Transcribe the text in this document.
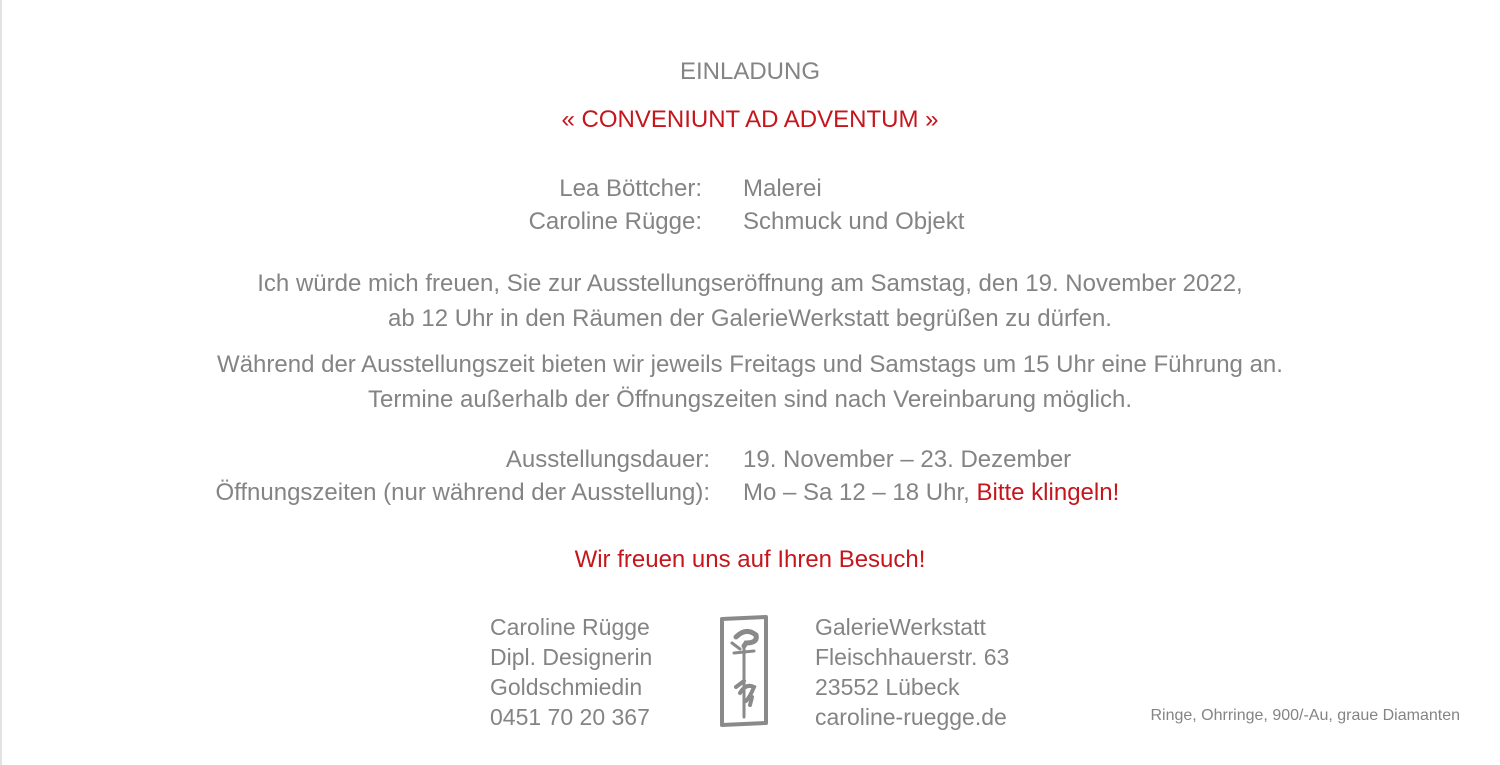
EINLADUNG
« CONVENIUNT AD ADVENTUM »
Lea Böttcher: Malerei
Caroline Rügge: Schmuck und Objekt
Ich würde mich freuen, Sie zur Ausstellungseröffnung am Samstag, den 19. November 2022,
ab 12 Uhr in den Räumen der GalerieWerkstatt begrüßen zu dürfen.
Während der Ausstellungszeit bieten wir jeweils Freitags und Samstags um 15 Uhr eine Führung an.
Termine außerhalb der Öffnungszeiten sind nach Vereinbarung möglich.
Ausstellungsdauer: 19. November – 23. Dezember
Öffnungszeiten (nur während der Ausstellung): Mo – Sa 12 – 18 Uhr, Bitte klingeln!
Wir freuen uns auf Ihren Besuch!
Caroline Rügge
Dipl. Designerin
Goldschmiedin
0451 70 20 367
GalerieWerkstatt
Fleischhauerstr. 63
23552 Lübeck
caroline-ruegge.de	Ringe, Ohrringe, 900/-Au, graue Diamanten
